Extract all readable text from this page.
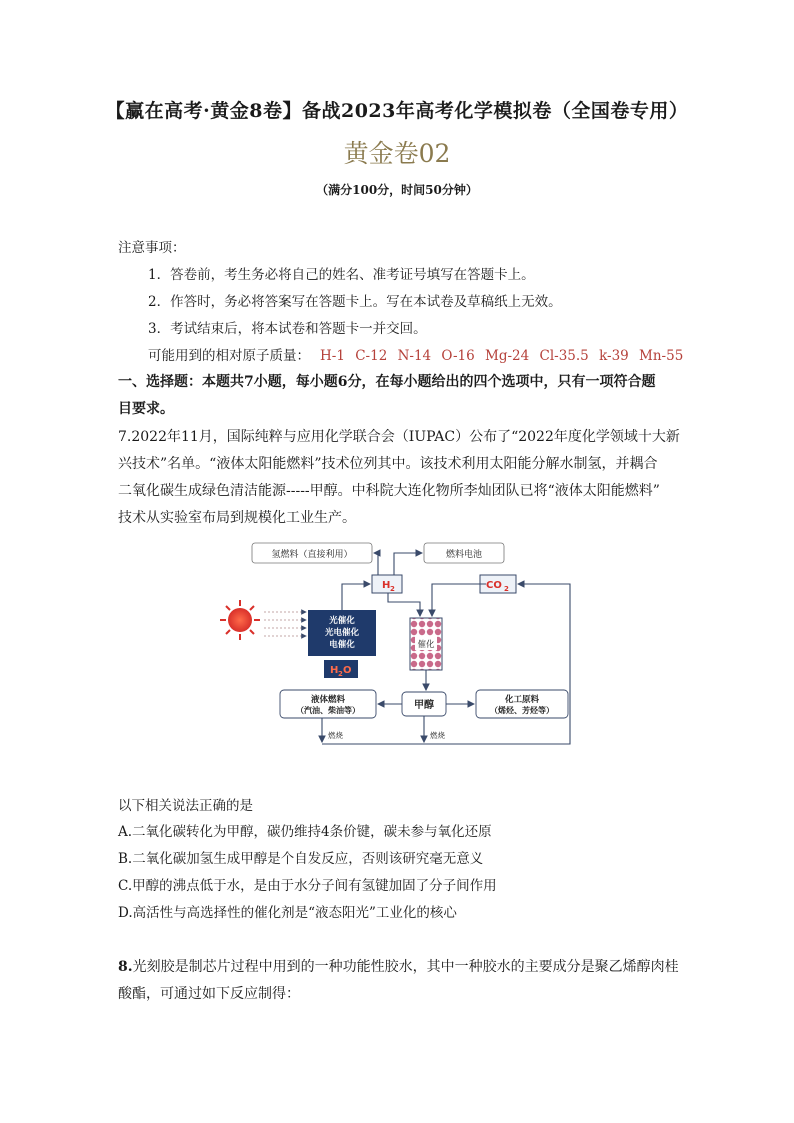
【赢在高考·黄金8卷】备战2023年高考化学模拟卷（全国卷专用）
黄金卷02
（满分100分，时间50分钟）
注意事项：
1．答卷前，考生务必将自己的姓名、准考证号填写在答题卡上。
2．作答时，务必将答案写在答题卡上。写在本试卷及草稿纸上无效。
3．考试结束后，将本试卷和答题卡一并交回。
可能用到的相对原子质量： H-1 C-12 N-14 O-16 Mg-24 Cl-35.5 k-39 Mn-55
一、选择题：本题共7小题，每小题6分，在每小题给出的四个选项中，只有一项符合题
目要求。
7.2022年11月，国际纯粹与应用化学联合会（IUPAC）公布了“2022年度化学领域十大新
兴技术”名单。“液体太阳能燃料”技术位列其中。该技术利用太阳能分解水制氢，并耦合
二氧化碳生成绿色清洁能源-----甲醇。中科院大连化物所李灿团队已将“液体太阳能燃料”
技术从实验室布局到规模化工业生产。
氢燃料（直接利用）	燃料电池
H 2	CO 2
光催化
光电催化
电催化
H 2 O
催化
液体燃料
（汽油、柴油等）	甲醇	化工原料
（烯烃、芳烃等）
燃烧	燃烧
以下相关说法正确的是
A.二氧化碳转化为甲醇，碳仍维持4条价键，碳未参与氧化还原
B.二氧化碳加氢生成甲醇是个自发反应，否则该研究毫无意义
C.甲醇的沸点低于水，是由于水分子间有氢键加固了分子间作用
D.高活性与高选择性的催化剂是“液态阳光”工业化的核心
8.光刻胶是制芯片过程中用到的一种功能性胶水，其中一种胶水的主要成分是聚乙烯醇肉桂
酸酯，可通过如下反应制得：
